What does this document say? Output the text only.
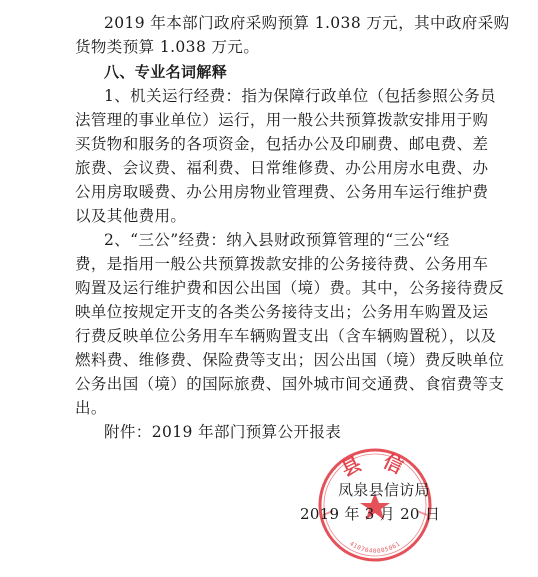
2019 年本部门政府采购预算 1.038 万元，其中政府采购
货物类预算 1.038 万元。
八、专业名词解释
1、机关运行经费：指为保障行政单位（包括参照公务员
法管理的事业单位）运行，用一般公共预算拨款安排用于购
买货物和服务的各项资金，包括办公及印刷费、邮电费、差
旅费、会议费、福利费、日常维修费、办公用房水电费、办
公用房取暖费、办公用房物业管理费、公务用车运行维护费
以及其他费用。
2、“三公”经费：纳入县财政预算管理的“三公“经
费，是指用一般公共预算拨款安排的公务接待费、公务用车
购置及运行维护费和因公出国（境）费。其中，公务接待费反
映单位按规定开支的各类公务接待支出；公务用车购置及运
行费反映单位公务用车车辆购置支出（含车辆购置税），以及
燃料费、维修费、保险费等支出；因公出国（境）费反映单位
公务出国（境）的国际旅费、国外城市间交通费、食宿费等支
出。
附件：2019 年部门预算公开报表
县 信
4107040005061
凤泉县信访局
2019 年 3 月 20 日
